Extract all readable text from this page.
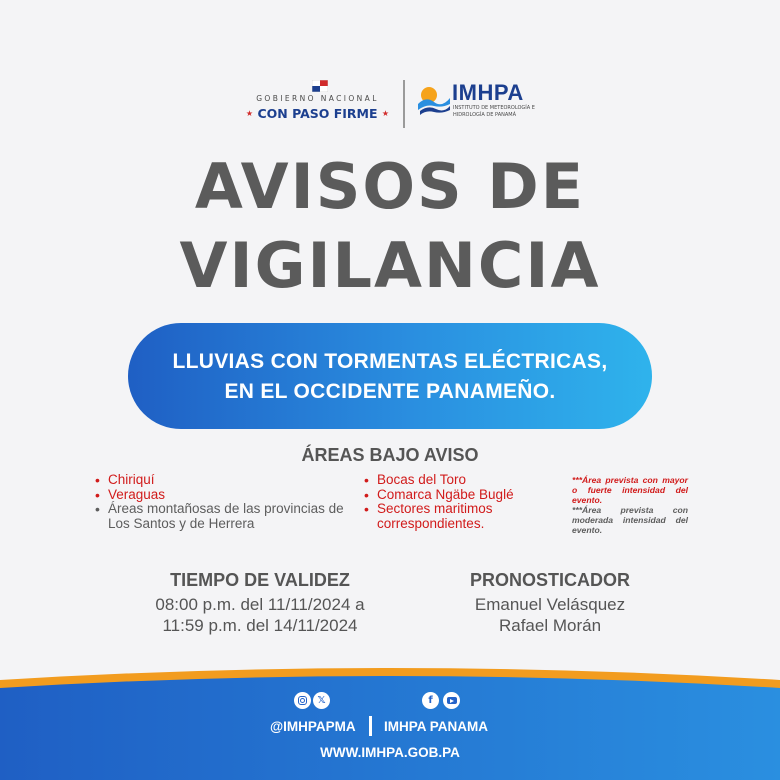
GOBIERNO NACIONAL
★ CON PASO FIRME ★
IMHPA
INSTITUTO DE METEOROLOGÍA E HIDROLOGÍA DE PANAMÁ
AVISOS DE
VIGILANCIA
LLUVIAS CON TORMENTAS ELÉCTRICAS,
EN EL OCCIDENTE PANAMEÑO.
ÁREAS BAJO AVISO
• Chiriquí
• Veraguas
• Áreas montañosas de las provincias de Los Santos y de Herrera
• Bocas del Toro
• Comarca Ngäbe Buglé
• Sectores maritimos correspondientes.
***Área prevista con mayor o fuerte intensidad del evento.
***Área prevista con moderada intensidad del evento.
TIEMPO DE VALIDEZ
08:00 p.m. del 11/11/2024 a
11:59 p.m. del 14/11/2024
PRONOSTICADOR
Emanuel Velásquez
Rafael Morán
𝕏	f
@IMHPAPMA IMHPA PANAMA
WWW.IMHPA.GOB.PA
